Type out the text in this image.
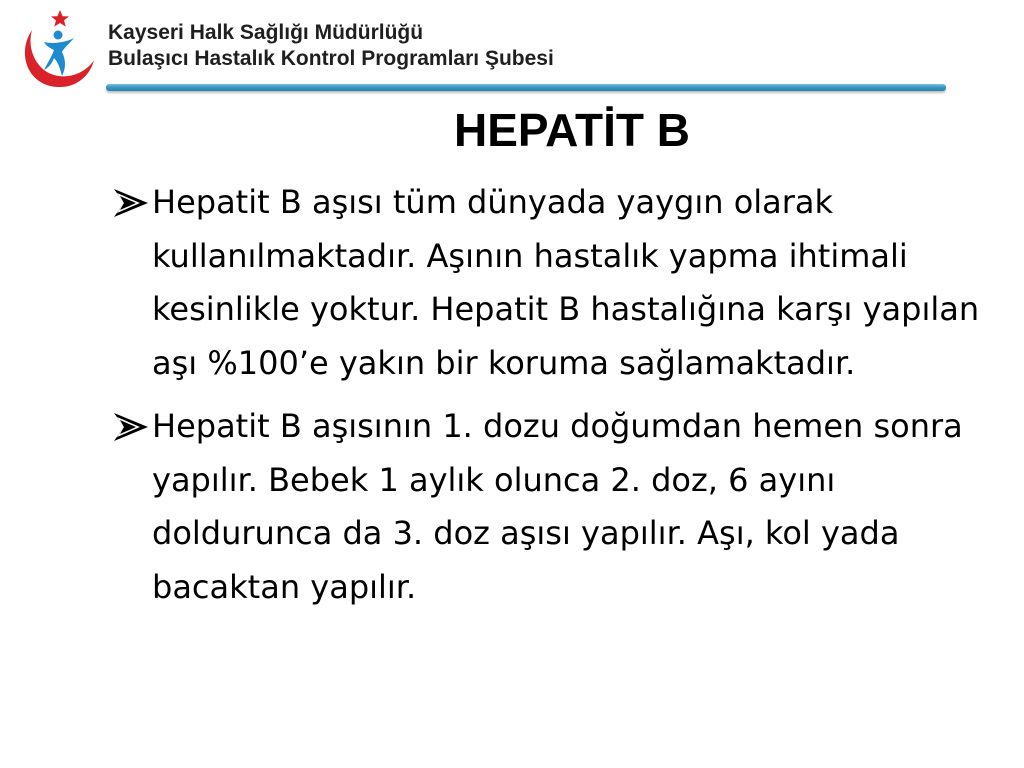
Kayseri Halk Sağlığı Müdürlüğü
Bulaşıcı Hastalık Kontrol Programları Şubesi
HEPATİT B
Hepatit B aşısı tüm dünyada yaygın olarak kullanılmaktadır. Aşının hastalık yapma ihtimali kesinlikle yoktur. Hepatit B hastalığına karşı yapılan aşı %100’e yakın bir koruma sağlamaktadır.
Hepatit B aşısının 1. dozu doğumdan hemen sonra yapılır. Bebek 1 aylık olunca 2. doz, 6 ayını doldurunca da 3. doz aşısı yapılır. Aşı, kol yada bacaktan yapılır.
